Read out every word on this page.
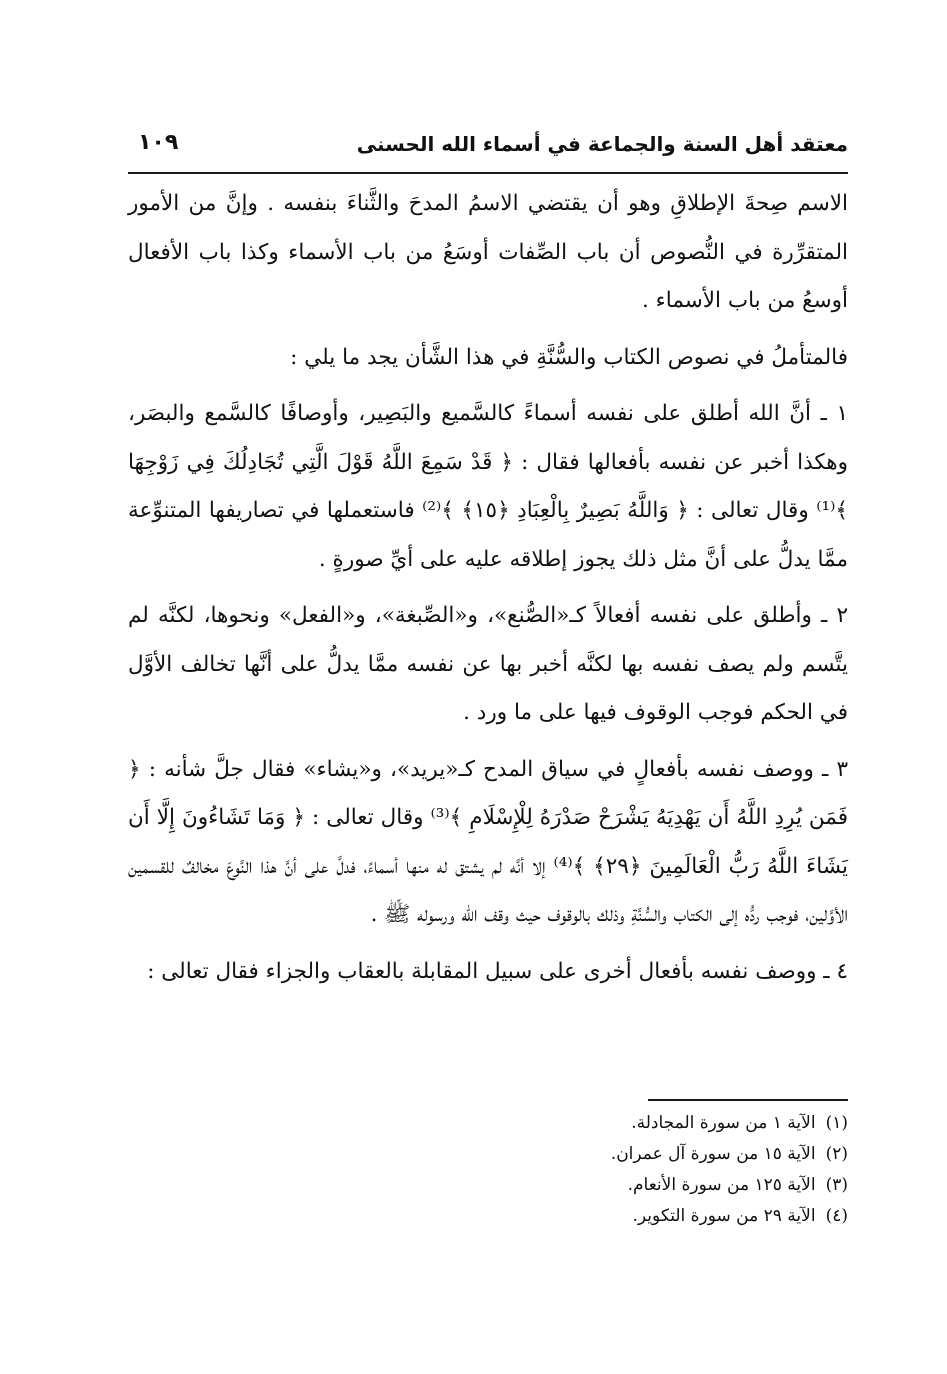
معتقد أهل السنة والجماعة في أسماء الله الحسنى
١٠٩

الاسم صِحةَ الإطلاقِ وهو أن يقتضي الاسمُ المدحَ والثَّناءَ بنفسه . وإنَّ من الأمور المتقرِّرة في النُّصوص أن باب الصِّفات أوسَعُ من باب الأسماء وكذا باب الأفعال أوسعُ من باب الأسماء .

فالمتأملُ في نصوص الكتاب والسُّنَّةِ في هذا الشَّأن يجد ما يلي :

١ ـ أنَّ الله أطلق على نفسه أسماءً كالسَّميع والبَصِير، وأوصافًا كالسَّمع والبصَر، وهكذا أخبر عن نفسه بأفعالها فقال : ﴿ قَدْ سَمِعَ اللَّهُ قَوْلَ الَّتِي تُجَادِلُكَ فِي زَوْجِهَا ﴾⁽¹⁾ وقال تعالى : ﴿ وَاللَّهُ بَصِيرٌ بِالْعِبَادِ ﴿١٥﴾ ﴾⁽²⁾ فاستعملها في تصاريفها المتنوِّعة ممَّا يدلُّ على أنَّ مثل ذلك يجوز إطلاقه عليه على أيِّ صورةٍ .

٢ ـ وأطلق على نفسه أفعالاً كـ«الصُّنع»، و«الصِّبغة»، و«الفعل» ونحوها، لكنَّه لم يتَّسم ولم يصف نفسه بها لكنَّه أخبر بها عن نفسه ممَّا يدلُّ على أنَّها تخالف الأوَّل في الحكم فوجب الوقوف فيها على ما ورد .

٣ ـ ووصف نفسه بأفعالٍ في سياق المدح كـ«يريد»، و«يشاء» فقال جلَّ شأنه : ﴿ فَمَن يُرِدِ اللَّهُ أَن يَهْدِيَهُ يَشْرَحْ صَدْرَهُ لِلْإِسْلَامِ ﴾⁽³⁾ وقال تعالى : ﴿ وَمَا تَشَاءُونَ إِلَّا أَن يَشَاءَ اللَّهُ رَبُّ الْعَالَمِينَ ﴿٢٩﴾ ﴾⁽⁴⁾ إلا أنَّه لم يشتق له منها أسماءً، فدلَّ على أنَّ هذا النَّوعَ مخالفٌ للقسمين الأوَّلين، فوجب ردُّه إلى الكتاب والسُّنَّةِ وذلك بالوقوف حيث وقف الله ورسوله ﷺ .

٤ ـ ووصف نفسه بأفعال أخرى على سبيل المقابلة بالعقاب والجزاء فقال تعالى :

(١)الآية ١ من سورة المجادلة.
(٢)الآية ١٥ من سورة آل عمران.
(٣)الآية ١٢٥ من سورة الأنعام.
(٤)الآية ٢٩ من سورة التكوير.
